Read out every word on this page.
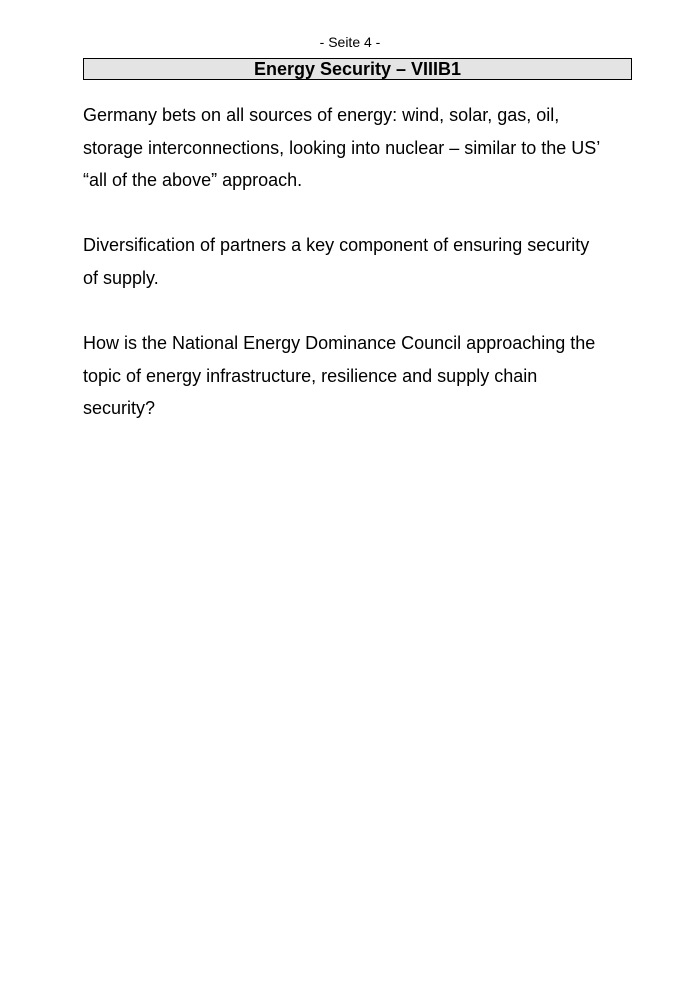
- Seite 4 -
Energy Security – VIIIB1

Germany bets on all sources of energy: wind, solar, gas, oil,
storage interconnections, looking into nuclear – similar to the US’
“all of the above” approach.

Diversification of partners a key component of ensuring security
of supply.

How is the National Energy Dominance Council approaching the
topic of energy infrastructure, resilience and supply chain
security?
